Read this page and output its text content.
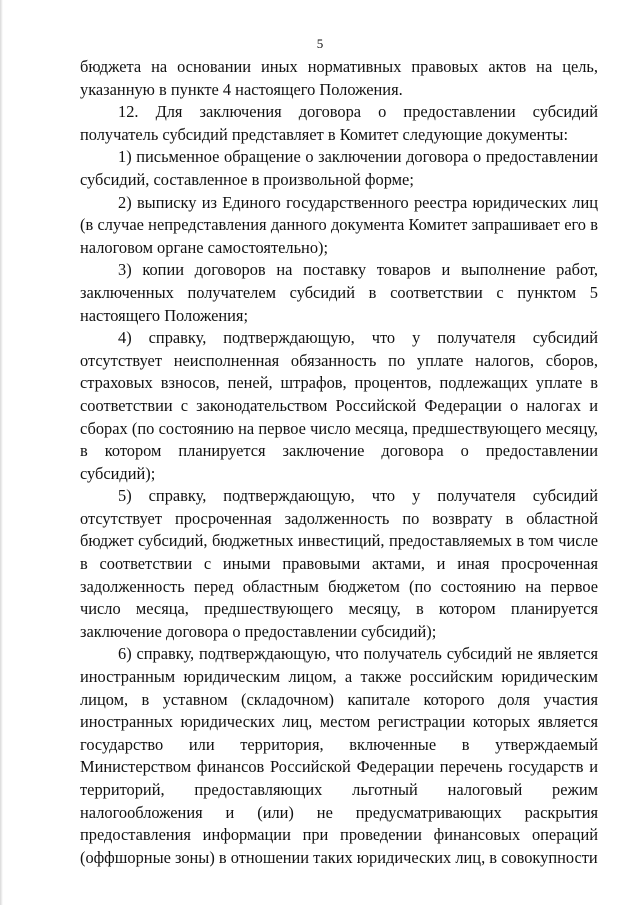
5

бюджета на основании иных нормативных правовых актов на цель, указанную в пункте 4 настоящего Положения.

12. Для заключения договора о предоставлении субсидий получатель субсидий представляет в Комитет следующие документы:

1) письменное обращение о заключении договора о предоставлении субсидий, составленное в произвольной форме;

2) выписку из Единого государственного реестра юридических лиц (в случае непредставления данного документа Комитет запрашивает его в налоговом органе самостоятельно);

3) копии договоров на поставку товаров и выполнение работ, заключенных получателем субсидий в соответствии с пунктом 5 настоящего Положения;

4) справку, подтверждающую, что у получателя субсидий отсутствует неисполненная обязанность по уплате налогов, сборов, страховых взносов, пеней, штрафов, процентов, подлежащих уплате в соответствии с законодательством Российской Федерации о налогах и сборах (по состоянию на первое число месяца, предшествующего месяцу, в котором планируется заключение договора о предоставлении субсидий);

5) справку, подтверждающую, что у получателя субсидий отсутствует просроченная задолженность по возврату в областной бюджет субсидий, бюджетных инвестиций, предоставляемых в том числе в соответствии с иными правовыми актами, и иная просроченная задолженность перед областным бюджетом (по состоянию на первое число месяца, предшествующего месяцу, в котором планируется заключение договора о предоставлении субсидий);

6) справку, подтверждающую, что получатель субсидий не является иностранным юридическим лицом, а также российским юридическим лицом, в уставном (складочном) капитале которого доля участия иностранных юридических лиц, местом регистрации которых является государство или территория, включенные в утверждаемый Министерством финансов Российской Федерации перечень государств и территорий, предоставляющих льготный налоговый режим налогообложения и (или) не предусматривающих раскрытия предоставления информации при проведении финансовых операций (оффшорные зоны) в отношении таких юридических лиц, в совокупности
